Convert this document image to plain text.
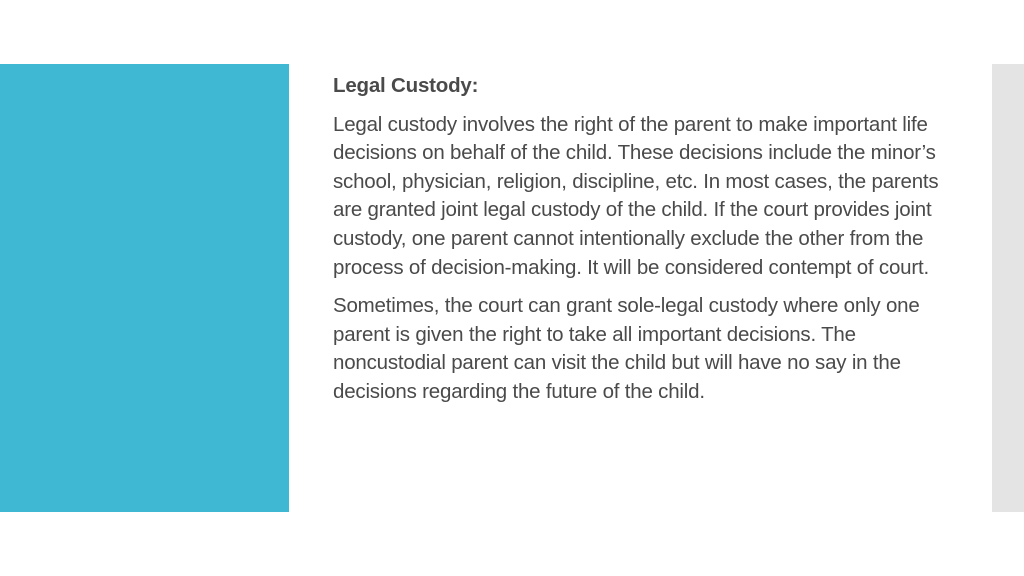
Legal Custody:

Legal custody involves the right of the parent to make important life decisions on behalf of the child. These decisions include the minor’s school, physician, religion, discipline, etc. In most cases, the parents are granted joint legal custody of the child. If the court provides joint custody, one parent cannot intentionally exclude the other from the process of decision-making. It will be considered contempt of court.

Sometimes, the court can grant sole-legal custody where only one parent is given the right to take all important decisions. The noncustodial parent can visit the child but will have no say in the decisions regarding the future of the child.
